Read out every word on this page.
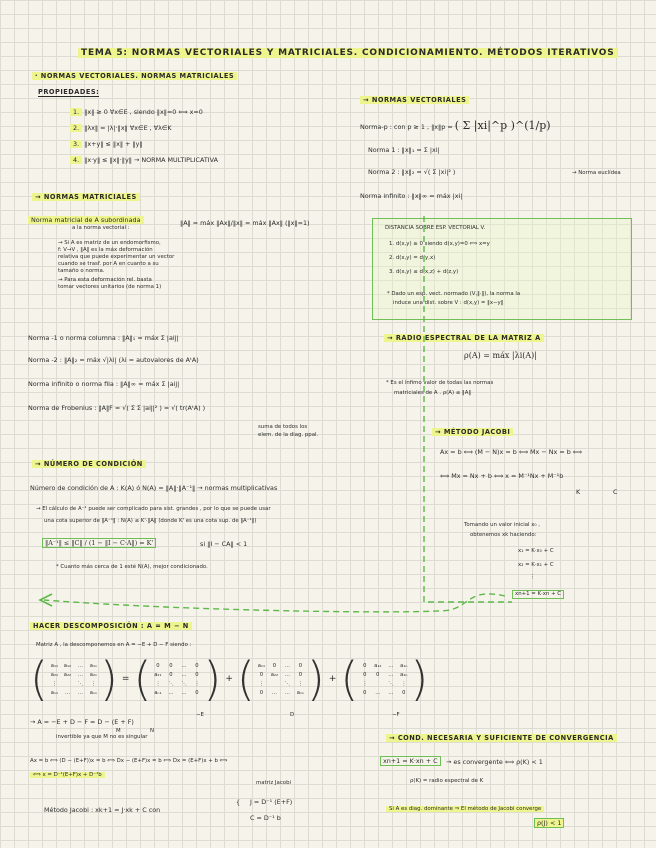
TEMA 5: NORMAS VECTORIALES Y MATRICIALES. CONDICIONAMIENTO. MÉTODOS ITERATIVOS
· NORMAS VECTORIALES. NORMAS MATRICIALES
PROPIEDADES:
1. ‖x‖ ≥ 0 ∀x∈E , siendo ‖x‖=0 ⟺ x=0
2. ‖λx‖ = |λ|·‖x‖ ∀x∈E , ∀λ∈K
3. ‖x+y‖ ≤ ‖x‖ + ‖y‖
4. ‖x·y‖ ≤ ‖x‖·‖y‖ → NORMA MULTIPLICATIVA
→ NORMAS VECTORIALES
Norma-p : con p ≥ 1 , ‖x‖p = ( Σ |xi|^p )^(1/p)
Norma 1 : ‖x‖₁ = Σ |xi|
Norma 2 : ‖x‖₂ = √( Σ |xi|² )	→ Norma euclídea
Norma infinito : ‖x‖∞ = máx |xi|
DISTANCIA SOBRE ESP. VECTORIAL V.
1. d(x,y) ≥ 0 siendo d(x,y)=0 ⟺ x=y
2. d(x,y) = d(y,x)
3. d(x,y) ≤ d(x,z) + d(z,y)
* Dado un esp. vect. normado (V,‖·‖), la norma la
induce una dist. sobre V : d(x,y) = ‖x−y‖
→ NORMAS MATRICIALES
Norma matricial de A subordinada
a la norma vectorial :
‖A‖ = máx ‖Ax‖/‖x‖ = máx ‖Ax‖ (‖x‖=1)
→ Si A es matriz de un endomorfismo,
f: V→V , ‖A‖ es la máx deformación
relativa que puede experimentar un vector
cuando se trasf. por A en cuanto a su
tamaño o norma.
→ Para esta deformación rel. basta
tomar vectores unitarios (de norma 1)
Norma -1 o norma columna : ‖A‖₁ = máx Σ |aij|
Norma -2 : ‖A‖₂ = máx √|λi| (λi = autovalores de AᵗA)
Norma infinito o norma fila : ‖A‖∞ = máx Σ |aij|
Norma de Frobenius : ‖A‖F = √( Σ Σ |aij|² ) = √( tr(AᵗA) )
suma de todos los
elem. de la diag. ppal.
→ RADIO ESPECTRAL DE LA MATRIZ A
ρ(A) = máx |λi(A)|
* Es el ínfimo valor de todas las normas
matriciales de A . ρ(A) ≤ ‖A‖
→ MÉTODO JACOBI
Ax = b ⟺ (M − N)x = b ⟺ Mx − Nx = b ⟺
⟺ Mx = Nx + b ⟺ x = M⁻¹Nx + M⁻¹b
K	C
Tomando un valor inicial x₀ ,
obtenemos xk haciendo:
x₁ = K·x₀ + C
x₂ = K·x₁ + C
⋮
xn+1 = K·xn + C
→ NÚMERO DE CONDICIÓN
Número de condición de A : K(A) ó N(A) = ‖A‖·‖A⁻¹‖ → normas multiplicativas
→ El cálculo de A⁻¹ puede ser complicado para sist. grandes , por lo que se puede usar
una cota superior de ‖A⁻¹‖ : N(A) ≤ K'·‖A‖ (donde K' es una cota sup. de ‖A⁻¹‖)
‖A⁻¹‖ ≤ ‖C‖ / (1 − ‖I − C·A‖) = K'	si ‖I − CA‖ < 1
* Cuanto más cerca de 1 esté N(A), mejor condicionado.
HACER DESCOMPOSICIÓN : A = M − N
Matriz A , la descomponemos en A = −E + D − F siendo :
( a₁₁	a₁₂	…	a₁ₙ
a₂₁	a₂₂	…	a₂ₙ
⋮	⋱	⋮
aₙ₁	…	…	aₙₙ ) = ( 0	0	…	0
a₂₁	0	…	0
⋮	⋱	⋱	⋮
aₙ₁	…	…	0 ) + ( a₁₁	0	…	0
0	a₂₂	…	0
⋮	⋱	⋮
0	…	…	aₙₙ ) + ( 0	a₁₂	…	a₁ₙ
0	0	…	a₂ₙ
⋮	⋱	⋮
0	…	…	0 )
−E	D	−F
→ A = −E + D − F = D − (E + F)
M	N
invertible ya que M no es singular
Ax = b ⟺ (D − (E+F))x = b ⟺ Dx − (E+F)x = b ⟺ Dx = (E+F)x + b ⟺
⟺ x = D⁻¹(E+F)x + D⁻¹b
Método Jacobi : xk+1 = J·xk + C con
matriz Jacobi
{ J = D⁻¹ (E+F)
C = D⁻¹ b
→ COND. NECESARIA Y SUFICIENTE DE CONVERGENCIA
xn+1 = K·xn + C	→ es convergente ⟺ ρ(K) < 1
ρ(K) = radio espectral de K
Si A es diag. dominante ⇒ El método de Jacobi converge
ρ(J) < 1
